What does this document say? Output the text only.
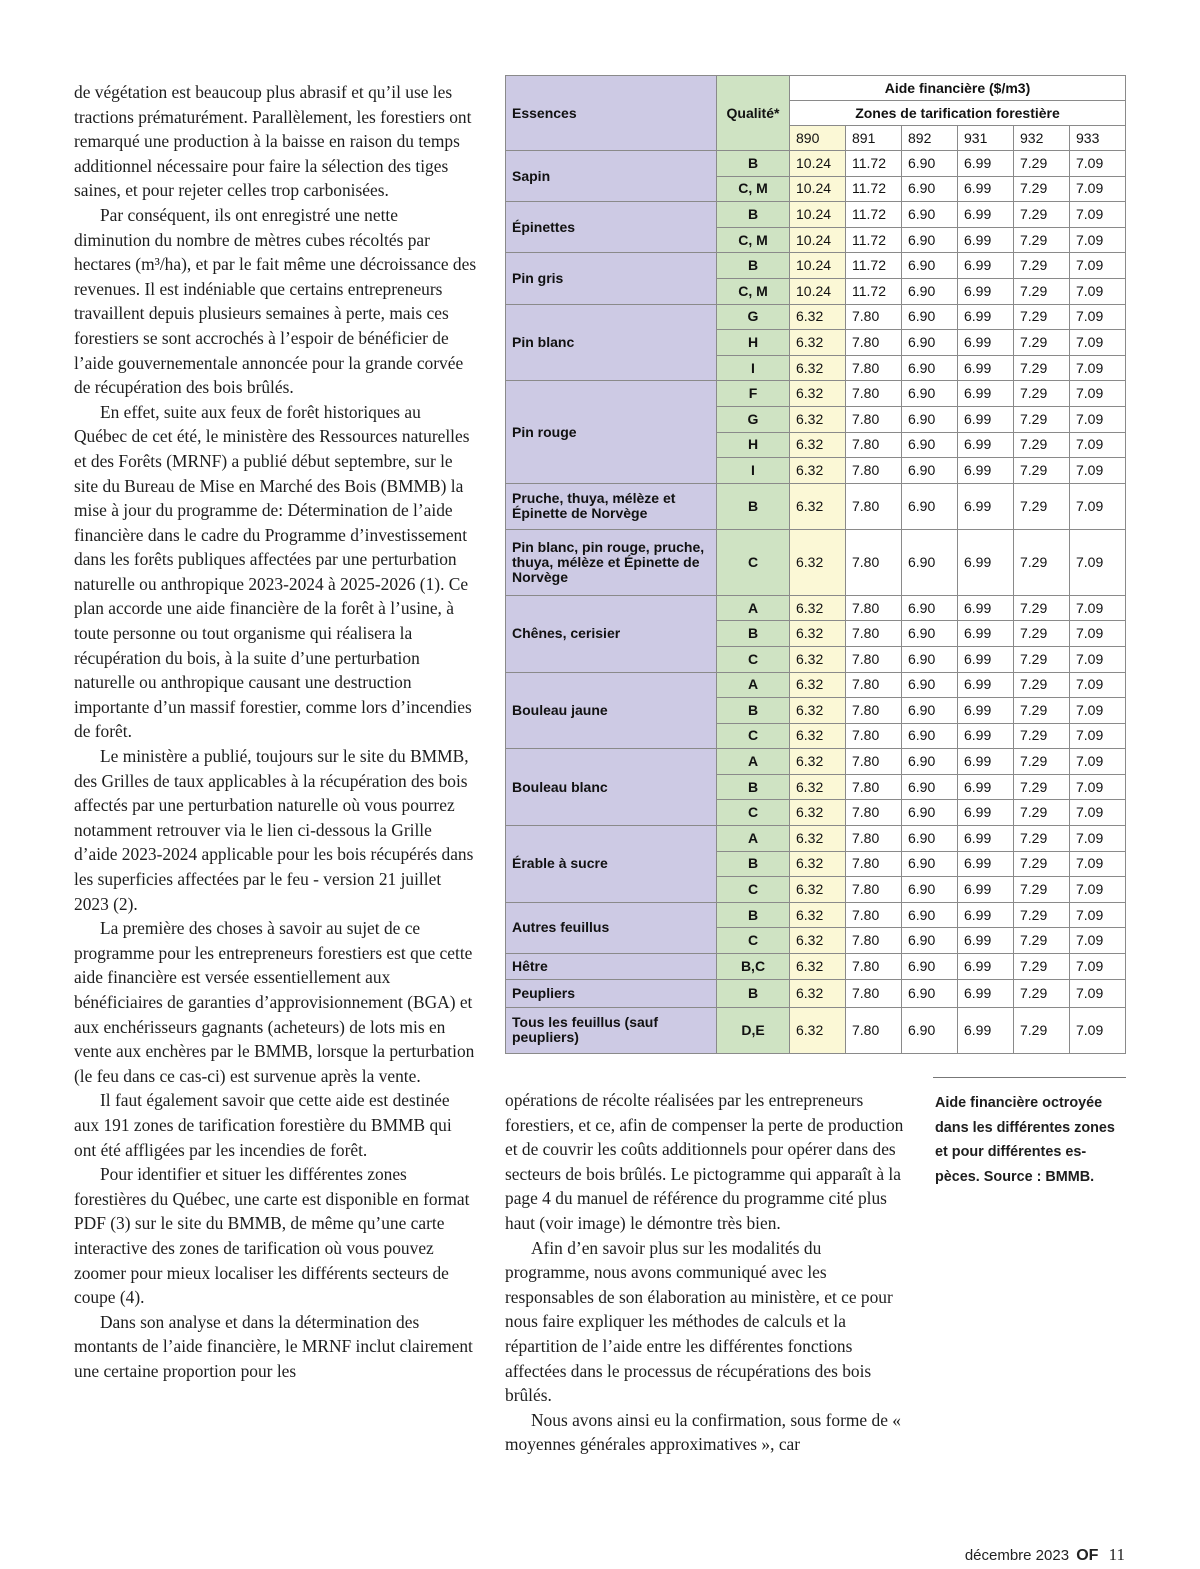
de végétation est beaucoup plus abrasif et qu’il use les tractions prématurément. Parallèlement, les forestiers ont remarqué une production à la baisse en raison du temps additionnel nécessaire pour faire la sélection des tiges saines, et pour rejeter celles trop carbonisées.

Par conséquent, ils ont enregistré une nette diminution du nombre de mètres cubes récoltés par hectares (m³/ha), et par le fait même une décroissance des revenues. Il est indéniable que certains entrepreneurs travaillent depuis plusieurs semaines à perte, mais ces forestiers se sont accrochés à l’espoir de bénéficier de l’aide gouvernementale annoncée pour la grande corvée de récupération des bois brûlés.

En effet, suite aux feux de forêt historiques au Québec de cet été, le ministère des Ressources naturelles et des Forêts (MRNF) a publié début septembre, sur le site du Bureau de Mise en Marché des Bois (BMMB) la mise à jour du programme de: Détermination de l’aide financière dans le cadre du Programme d’investissement dans les forêts publiques affectées par une perturbation naturelle ou anthropique 2023-2024 à 2025-2026 (1). Ce plan accorde une aide financière de la forêt à l’usine, à toute personne ou tout organisme qui réalisera la récupération du bois, à la suite d’une perturbation naturelle ou anthropique causant une destruction importante d’un massif forestier, comme lors d’incendies de forêt.

Le ministère a publié, toujours sur le site du BMMB, des Grilles de taux applicables à la récupération des bois affectés par une perturbation naturelle où vous pourrez notamment retrouver via le lien ci-dessous la Grille d’aide 2023-2024 applicable pour les bois récupérés dans les superficies affectées par le feu - version 21 juillet 2023 (2).

La première des choses à savoir au sujet de ce programme pour les entrepreneurs forestiers est que cette aide financière est versée essentiellement aux bénéficiaires de garanties d’approvisionnement (BGA) et aux enchérisseurs gagnants (acheteurs) de lots mis en vente aux enchères par le BMMB, lorsque la perturbation (le feu dans ce cas-ci) est survenue après la vente.

Il faut également savoir que cette aide est destinée aux 191 zones de tarification forestière du BMMB qui ont été affligées par les incendies de forêt.

Pour identifier et situer les différentes zones forestières du Québec, une carte est disponible en format PDF (3) sur le site du BMMB, de même qu’une carte interactive des zones de tarification où vous pouvez zoomer pour mieux localiser les différents secteurs de coupe (4).

Dans son analyse et dans la détermination des montants de l’aide financière, le MRNF inclut clairement une certaine proportion pour les

Essences	Qualité*	Aide financière ($/m3)					
		Zones de tarification forestière					
		890	891	892	931	932	933
Sapin	B	10.24	11.72	6.90	6.99	7.29	7.09
	C, M	10.24	11.72	6.90	6.99	7.29	7.09
Épinettes	B	10.24	11.72	6.90	6.99	7.29	7.09
	C, M	10.24	11.72	6.90	6.99	7.29	7.09
Pin gris	B	10.24	11.72	6.90	6.99	7.29	7.09
	C, M	10.24	11.72	6.90	6.99	7.29	7.09
Pin blanc	G	6.32	7.80	6.90	6.99	7.29	7.09
	H	6.32	7.80	6.90	6.99	7.29	7.09
	I	6.32	7.80	6.90	6.99	7.29	7.09
Pin rouge	F	6.32	7.80	6.90	6.99	7.29	7.09
	G	6.32	7.80	6.90	6.99	7.29	7.09
	H	6.32	7.80	6.90	6.99	7.29	7.09
	I	6.32	7.80	6.90	6.99	7.29	7.09
Pruche, thuya, mélèze et Épinette de Norvège	B	6.32	7.80	6.90	6.99	7.29	7.09
Pin blanc, pin rouge, pruche, thuya, mélèze et Épinette de Norvège	C	6.32	7.80	6.90	6.99	7.29	7.09
Chênes, cerisier	A	6.32	7.80	6.90	6.99	7.29	7.09
	B	6.32	7.80	6.90	6.99	7.29	7.09
	C	6.32	7.80	6.90	6.99	7.29	7.09
Bouleau jaune	A	6.32	7.80	6.90	6.99	7.29	7.09
	B	6.32	7.80	6.90	6.99	7.29	7.09
	C	6.32	7.80	6.90	6.99	7.29	7.09
Bouleau blanc	A	6.32	7.80	6.90	6.99	7.29	7.09
	B	6.32	7.80	6.90	6.99	7.29	7.09
	C	6.32	7.80	6.90	6.99	7.29	7.09
Érable à sucre	A	6.32	7.80	6.90	6.99	7.29	7.09
	B	6.32	7.80	6.90	6.99	7.29	7.09
	C	6.32	7.80	6.90	6.99	7.29	7.09
Autres feuillus	B	6.32	7.80	6.90	6.99	7.29	7.09
	C	6.32	7.80	6.90	6.99	7.29	7.09
Hêtre	B,C	6.32	7.80	6.90	6.99	7.29	7.09
Peupliers	B	6.32	7.80	6.90	6.99	7.29	7.09
Tous les feuillus (sauf peupliers)	D,E	6.32	7.80	6.90	6.99	7.29	7.09

opérations de récolte réalisées par les entrepreneurs forestiers, et ce, afin de compenser la perte de production et de couvrir les coûts additionnels pour opérer dans des secteurs de bois brûlés. Le pictogramme qui apparaît à la page 4 du manuel de référence du programme cité plus haut (voir image) le démontre très bien.

Afin d’en savoir plus sur les modalités du programme, nous avons communiqué avec les responsables de son élaboration au ministère, et ce pour nous faire expliquer les méthodes de calculs et la répartition de l’aide entre les différentes fonctions affectées dans le processus de récupérations des bois brûlés.

Nous avons ainsi eu la confirmation, sous forme de « moyennes générales approximatives », car

Aide financière octroyée dans les différentes zones et pour différentes es-pèces. Source : BMMB.
décembre 2023 OF 11
